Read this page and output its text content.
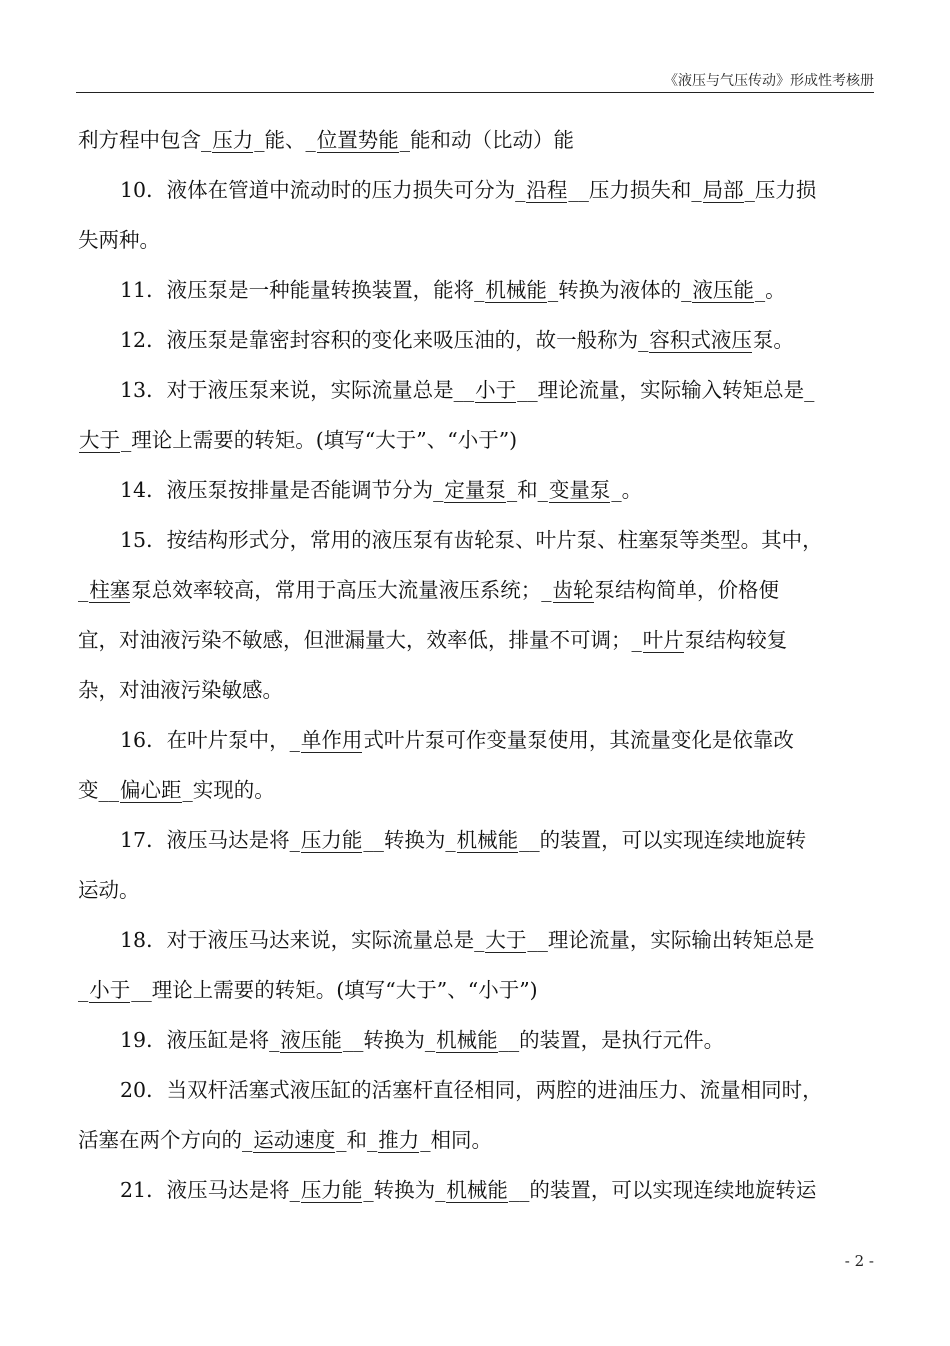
《液压与气压传动》形成性考核册
利方程中包含_压力_能、_位置势能_能和动（比动）能
10．液体在管道中流动时的压力损失可分为_沿程__压力损失和_局部_压力损
失两种。
11．液压泵是一种能量转换装置，能将_机械能_转换为液体的_液压能_。
12．液压泵是靠密封容积的变化来吸压油的，故一般称为_容积式液压泵。
13．对于液压泵来说，实际流量总是__小于__理论流量，实际输入转矩总是_
大于_理论上需要的转矩。(填写“大于”、“小于”)
14．液压泵按排量是否能调节分为_定量泵_和_变量泵_。
15．按结构形式分，常用的液压泵有齿轮泵、叶片泵、柱塞泵等类型。其中，
_柱塞泵总效率较高，常用于高压大流量液压系统；_齿轮泵结构简单，价格便
宜，对油液污染不敏感，但泄漏量大，效率低，排量不可调；_叶片泵结构较复
杂，对油液污染敏感。
16．在叶片泵中，_单作用式叶片泵可作变量泵使用，其流量变化是依靠改
变__偏心距_实现的。
17．液压马达是将_压力能__转换为_机械能__的装置，可以实现连续地旋转
运动。
18．对于液压马达来说，实际流量总是_大于__理论流量，实际输出转矩总是
_小于__理论上需要的转矩。(填写“大于”、“小于”)
19．液压缸是将_液压能__转换为_机械能__的装置，是执行元件。
20．当双杆活塞式液压缸的活塞杆直径相同，两腔的进油压力、流量相同时，
活塞在两个方向的_运动速度_和_推力_相同。
21．液压马达是将_压力能_转换为_机械能__的装置，可以实现连续地旋转运
- 2 -
